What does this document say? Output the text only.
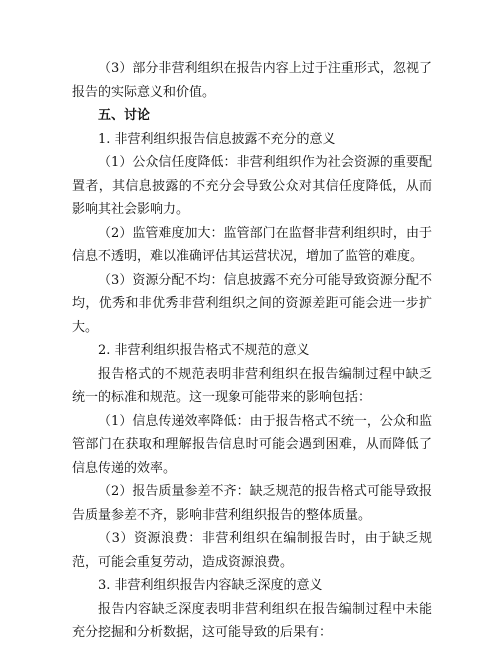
（3）部分非营利组织在报告内容上过于注重形式，忽视了报告的实际意义和价值。

五、讨论

1. 非营利组织报告信息披露不充分的意义

（1）公众信任度降低：非营利组织作为社会资源的重要配置者，其信息披露的不充分会导致公众对其信任度降低，从而影响其社会影响力。

（2）监管难度加大：监管部门在监督非营利组织时，由于信息不透明，难以准确评估其运营状况，增加了监管的难度。

（3）资源分配不均：信息披露不充分可能导致资源分配不均，优秀和非优秀非营利组织之间的资源差距可能会进一步扩大。

2. 非营利组织报告格式不规范的意义

报告格式的不规范表明非营利组织在报告编制过程中缺乏统一的标准和规范。这一现象可能带来的影响包括：

（1）信息传递效率降低：由于报告格式不统一，公众和监管部门在获取和理解报告信息时可能会遇到困难，从而降低了信息传递的效率。

（2）报告质量参差不齐：缺乏规范的报告格式可能导致报告质量参差不齐，影响非营利组织报告的整体质量。

（3）资源浪费：非营利组织在编制报告时，由于缺乏规范，可能会重复劳动，造成资源浪费。

3. 非营利组织报告内容缺乏深度的意义

报告内容缺乏深度表明非营利组织在报告编制过程中未能充分挖掘和分析数据，这可能导致的后果有：
